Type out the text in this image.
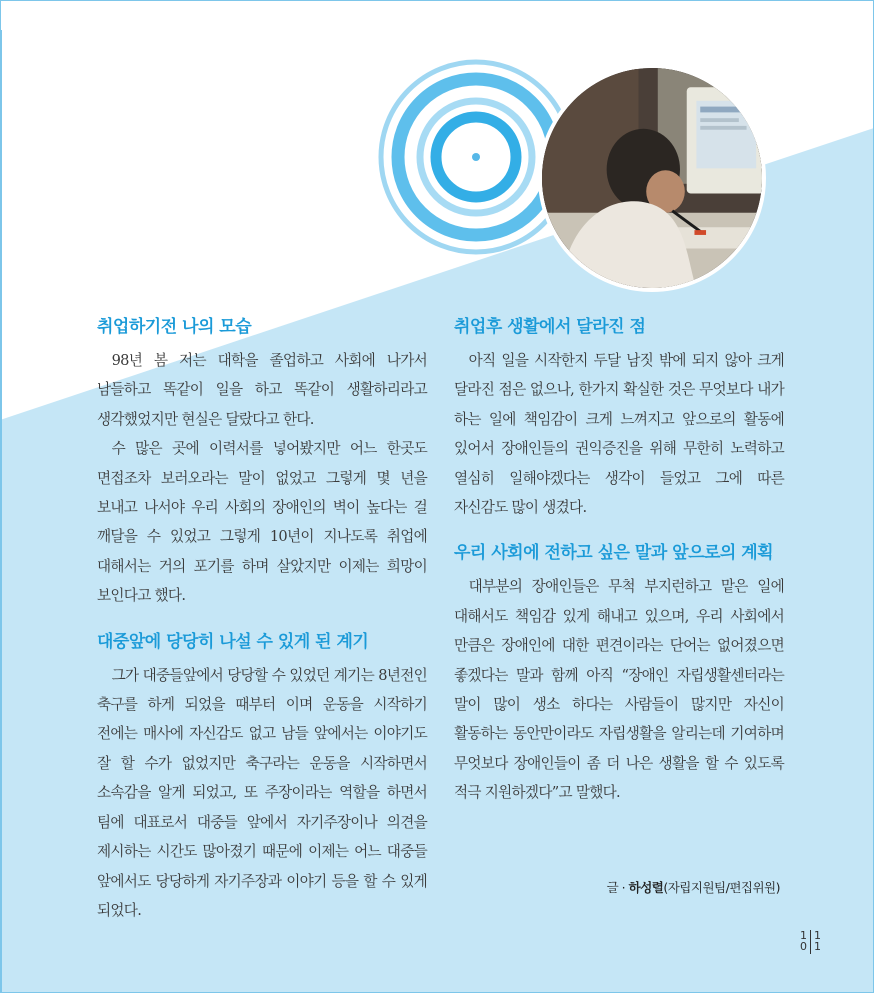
취업하기전 나의 모습

98년 봄 저는 대학을 졸업하고 사회에 나가서 남들하고 똑같이 일을 하고 똑같이 생활하리라고 생각했었지만 현실은 달랐다고 한다.

수 많은 곳에 이력서를 넣어봤지만 어느 한곳도 면접조차 보러오라는 말이 없었고 그렇게 몇 년을 보내고 나서야 우리 사회의 장애인의 벽이 높다는 걸 깨달을 수 있었고 그렇게 10년이 지나도록 취업에 대해서는 거의 포기를 하며 살았지만 이제는 희망이 보인다고 했다.

대중앞에 당당히 나설 수 있게 된 계기

그가 대중들앞에서 당당할 수 있었던 계기는 8년전인 축구를 하게 되었을 때부터 이며 운동을 시작하기 전에는 매사에 자신감도 없고 남들 앞에서는 이야기도 잘 할 수가 없었지만 축구라는 운동을 시작하면서 소속감을 알게 되었고, 또 주장이라는 역할을 하면서 팀에 대표로서 대중들 앞에서 자기주장이나 의견을 제시하는 시간도 많아졌기 때문에 이제는 어느 대중들 앞에서도 당당하게 자기주장과 이야기 등을 할 수 있게 되었다.

취업후 생활에서 달라진 점

아직 일을 시작한지 두달 남짓 밖에 되지 않아 크게 달라진 점은 없으나, 한가지 확실한 것은 무엇보다 내가 하는 일에 책임감이 크게 느껴지고 앞으로의 활동에 있어서 장애인들의 권익증진을 위해 무한히 노력하고 열심히 일해야겠다는 생각이 들었고 그에 따른 자신감도 많이 생겼다.

우리 사회에 전하고 싶은 말과 앞으로의 계획

대부분의 장애인들은 무척 부지런하고 맡은 일에 대해서도 책임감 있게 해내고 있으며, 우리 사회에서 만큼은 장애인에 대한 편견이라는 단어는 없어졌으면 좋겠다는 말과 함께 아직 “장애인 자립생활센터라는 말이 많이 생소 하다는 사람들이 많지만 자신이 활동하는 동안만이라도 자립생활을 알리는데 기여하며 무엇보다 장애인들이 좀 더 나은 생활을 할 수 있도록 적극 지원하겠다”고 말했다.

글 · 하성렬(자립지원팀/편집위원)
1
0
1
1
